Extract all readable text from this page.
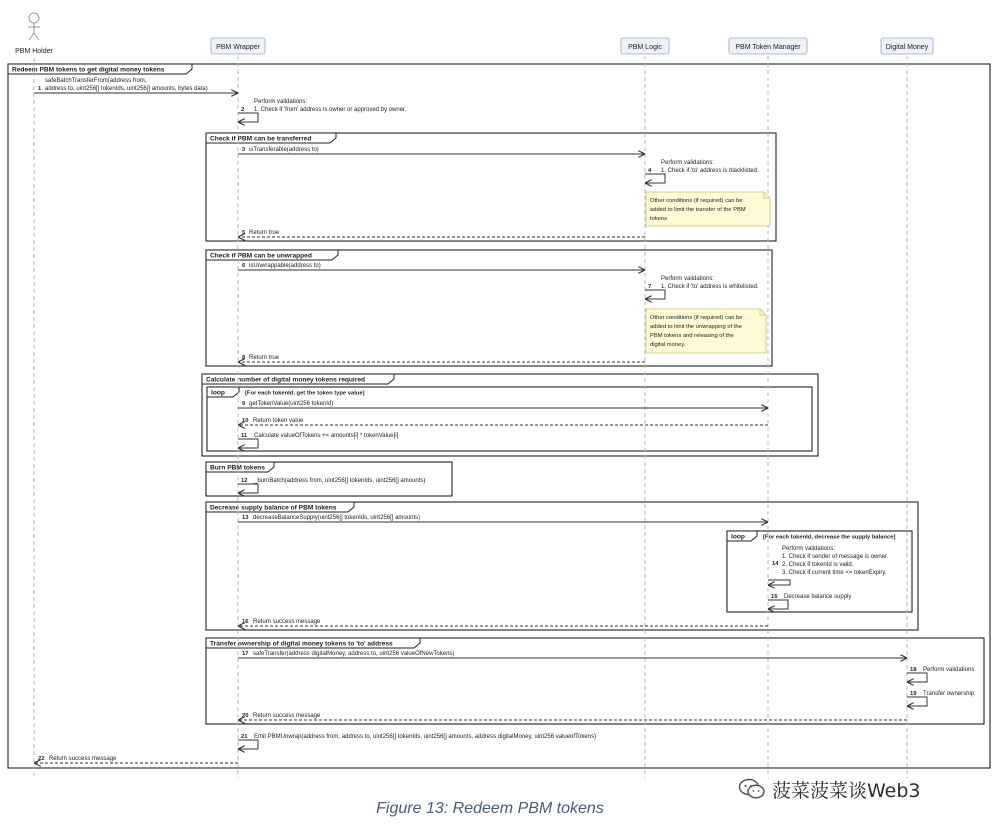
Redeem PBM tokens to get digital money tokens
Check if PBM can be transferred
Check if PBM can be unwrapped
Calculate number of digital money tokens required
loop	[For each tokenId, get the token type value]
Burn PBM tokens
Decrease supply balance of PBM tokens
loop	[For each tokenId, decrease the supply balance]
Transfer ownership of digital money tokens to 'to' address
PBM Holder
PBM Wrapper	PBM Logic	PBM Token Manager	Digital Money
1
safeBatchTransferFrom(address from,
address to, uint256[] tokenIds, uint256[] amounts, bytes data)
2
Perform validations:
1. Check if 'from' address is owner or approved by owner.
3 isTransferable(address to)
4
Perform validations:
1. Check if 'to' address is blacklisted.
5 Return true
6 isUnwrappable(address to)
7
Perform validations:
1. Check if 'to' address is whitelisted.
8 Return true
9 getTokenValue(uint256 tokenId)
10 Return token value
11 Calculate valueOfTokens += amounts[i] * tokenValue[i]
12 _burnBatch(address from, uint256[] tokenIds, uint256[] amounts)
13 decreaseBalanceSupply(uint256[] tokenIds, uint256[] amounts)
14
Perform validations:
1. Check if sender of message is owner.
2. Check if tokenId is valid.
3. Check if current time <= tokenExpiry.
15 Decrease balance supply
16 Return success message
17 safeTransfer(address digitalMoney, address to, uint256 valueOfNewTokens)
18 Perform validations
19 Transfer ownership
20 Return success message
21 Emit PBMUnwrap(address from, address to, uint256[] tokenIds, uint256[] amounts, address digitalMoney, uint256 valueofTokens)
22 Return success message
Other conditions (if required) can be
added to limit the transfer of the PBM
tokens
Other conditions (if required) can be
added to limit the unwrapping of the
PBM tokens and releasing of the
digital money.
Figure 13: Redeem PBM tokens
菠菜菠菜谈Web3
